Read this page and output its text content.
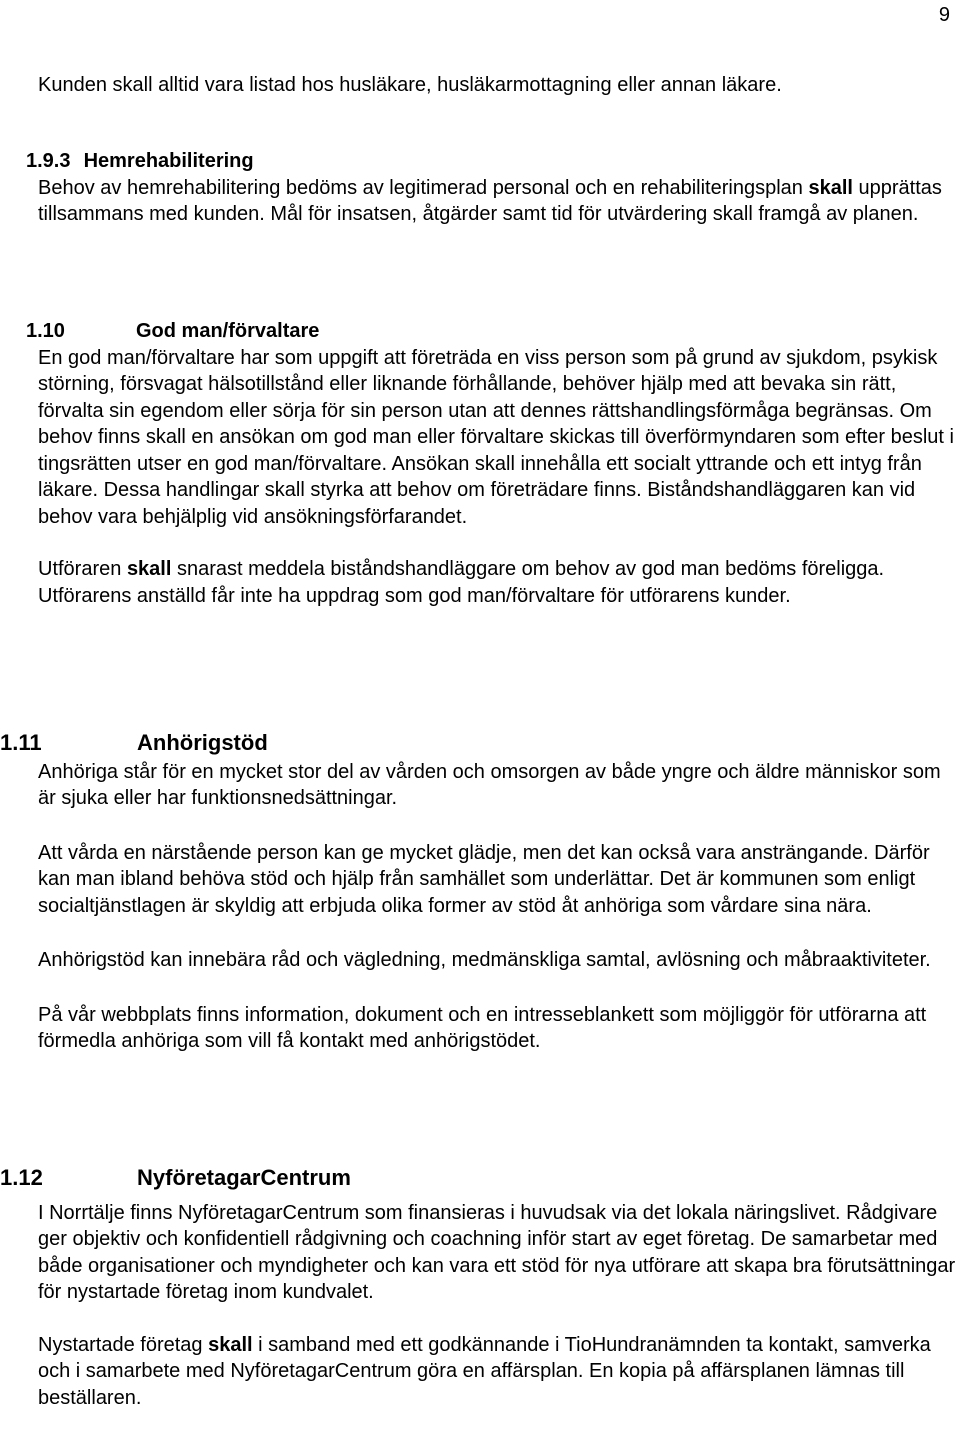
9

Kunden skall alltid vara listad hos husläkare, husläkarmottagning eller annan läkare.

1.9.3 Hemrehabilitering

Behov av hemrehabilitering bedöms av legitimerad personal och en rehabiliteringsplan skall upprättas tillsammans med kunden. Mål för insatsen, åtgärder samt tid för utvärdering skall framgå av planen.

1.10	God man/förvaltare

En god man/förvaltare har som uppgift att företräda en viss person som på grund av sjukdom, psykisk störning, försvagat hälsotillstånd eller liknande förhållande, behöver hjälp med att bevaka sin rätt, förvalta sin egendom eller sörja för sin person utan att dennes rättshandlingsförmåga begränsas. Om behov finns skall en ansökan om god man eller förvaltare skickas till överförmyndaren som efter beslut i tingsrätten utser en god man/förvaltare. Ansökan skall innehålla ett socialt yttrande och ett intyg från läkare. Dessa handlingar skall styrka att behov om företrädare finns. Biståndshandläggaren kan vid behov vara behjälplig vid ansökningsförfarandet.

Utföraren skall snarast meddela biståndshandläggare om behov av god man bedöms föreligga. Utförarens anställd får inte ha uppdrag som god man/förvaltare för utförarens kunder.

1.11	Anhörigstöd

Anhöriga står för en mycket stor del av vården och omsorgen av både yngre och äldre människor som är sjuka eller har funktionsnedsättningar.

Att vårda en närstående person kan ge mycket glädje, men det kan också vara ansträngande. Därför kan man ibland behöva stöd och hjälp från samhället som underlättar. Det är kommunen som enligt socialtjänstlagen är skyldig att erbjuda olika former av stöd åt anhöriga som vårdare sina nära.

Anhörigstöd kan innebära råd och vägledning, medmänskliga samtal, avlösning och måbraaktiviteter.

På vår webbplats finns information, dokument och en intresseblankett som möjliggör för utförarna att förmedla anhöriga som vill få kontakt med anhörigstödet.

1.12	NyföretagarCentrum

I Norrtälje finns NyföretagarCentrum som finansieras i huvudsak via det lokala näringslivet. Rådgivare ger objektiv och konfidentiell rådgivning och coachning inför start av eget företag. De samarbetar med både organisationer och myndigheter och kan vara ett stöd för nya utförare att skapa bra förutsättningar för nystartade företag inom kundvalet.

Nystartade företag skall i samband med ett godkännande i TioHundranämnden ta kontakt, samverka och i samarbete med NyföretagarCentrum göra en affärsplan. En kopia på affärsplanen lämnas till beställaren.
